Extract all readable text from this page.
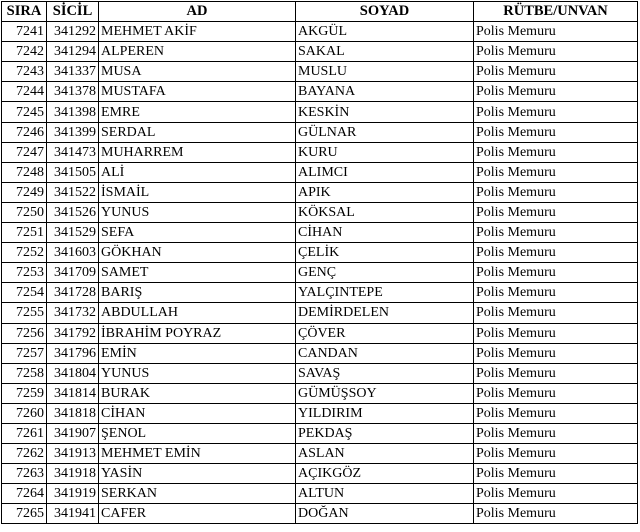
SIRA	SİCİL	AD	SOYAD	RÜTBE/UNVAN
7241	341292	MEHMET AKİF	AKGÜL	Polis Memuru
7242	341294	ALPEREN	SAKAL	Polis Memuru
7243	341337	MUSA	MUSLU	Polis Memuru
7244	341378	MUSTAFA	BAYANA	Polis Memuru
7245	341398	EMRE	KESKİN	Polis Memuru
7246	341399	SERDAL	GÜLNAR	Polis Memuru
7247	341473	MUHARREM	KURU	Polis Memuru
7248	341505	ALİ	ALIMCI	Polis Memuru
7249	341522	İSMAİL	APIK	Polis Memuru
7250	341526	YUNUS	KÖKSAL	Polis Memuru
7251	341529	SEFA	CİHAN	Polis Memuru
7252	341603	GÖKHAN	ÇELİK	Polis Memuru
7253	341709	SAMET	GENÇ	Polis Memuru
7254	341728	BARIŞ	YALÇINTEPE	Polis Memuru
7255	341732	ABDULLAH	DEMİRDELEN	Polis Memuru
7256	341792	İBRAHİM POYRAZ	ÇÖVER	Polis Memuru
7257	341796	EMİN	CANDAN	Polis Memuru
7258	341804	YUNUS	SAVAŞ	Polis Memuru
7259	341814	BURAK	GÜMÜŞSOY	Polis Memuru
7260	341818	CİHAN	YILDIRIM	Polis Memuru
7261	341907	ŞENOL	PEKDAŞ	Polis Memuru
7262	341913	MEHMET EMİN	ASLAN	Polis Memuru
7263	341918	YASİN	AÇIKGÖZ	Polis Memuru
7264	341919	SERKAN	ALTUN	Polis Memuru
7265	341941	CAFER	DOĞAN	Polis Memuru
